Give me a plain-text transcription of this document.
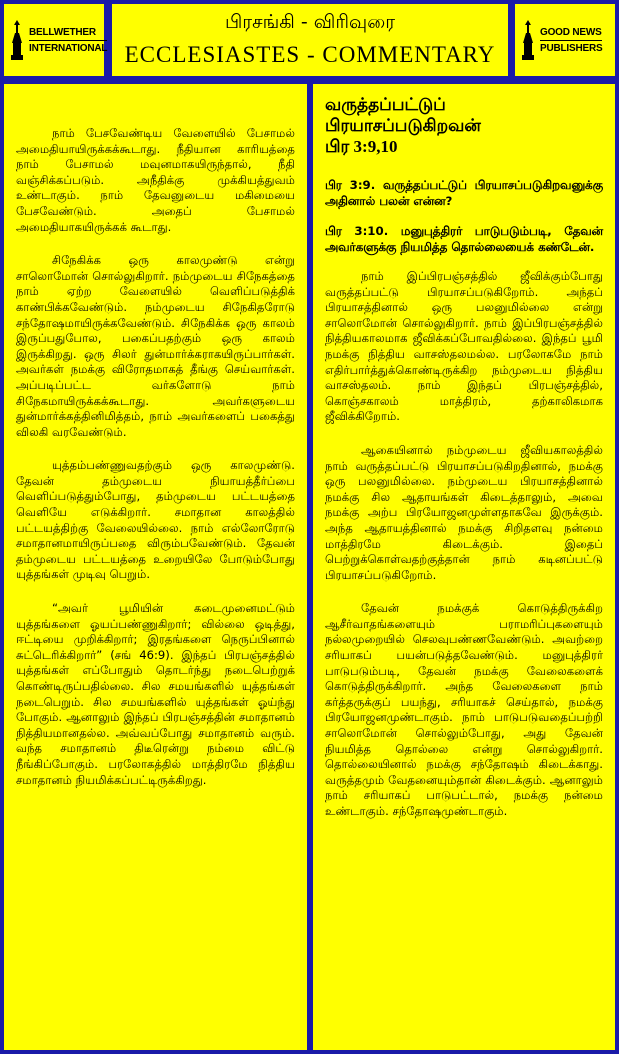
BELLWETHER
INTERNATIONAL
பிரசங்கி - விரிவுரை
ECCLESIASTES - COMMENTARY
GOOD NEWS
PUBLISHERS

நாம் பேசவேண்டிய வேளையில் பேசாமல் அமைதியாயிருக்கக்கூடாது. நீதியான காரியத்தை நாம் பேசாமல் மவுனமாகயிருந்தால், நீதி வஞ்சிக்கப்படும். அநீதிக்கு முக்கியத்துவம் உண்டாகும். நாம் தேவனுடைய மகிமையை பேசவேண்டும். அதைப் பேசாமல் அமைதியாகயிருக்கக் கூடாது.

சிநேகிக்க ஒரு காலமுண்டு என்று சாலொமோன் சொல்லுகிறார். நம்முடைய சிநேகத்தை நாம் ஏற்ற வேளையில் வெளிப்படுத்திக் காண்பிக்கவேண்டும். நம்முடைய சிநேகிதரோடு சந்தோஷமாயிருக்கவேண்டும். சிநேகிக்க ஒரு காலம் இருப்பதுபோல, பகைப்பதற்கும் ஒரு காலம் இருக்கிறது. ஒரு சிலர் துன்மார்க்கராகயிருப்பார்கள். அவர்கள் நமக்கு விரோதமாகத் தீங்கு செய்வார்கள். அப்படிப்பட்ட வர்களோடு நாம் சிநேகமாயிருக்கக்கூடாது. அவர்களுடைய துன்மார்க்கத்தினிமித்தம், நாம் அவர்களைப் பகைத்து விலகி வரவேண்டும்.

யுத்தம்பண்ணுவதற்கும் ஒரு காலமுண்டு. தேவன் தம்முடைய நியாயத்தீர்ப்பை வெளிப்படுத்தும்போது, தம்முடைய பட்டயத்தை வெளியே எடுக்கிறார். சமாதான காலத்தில் பட்டயத்திற்கு வேலையில்லை. நாம் எல்லோரோடு சமாதானமாயிருப்பதை விரும்பவேண்டும். தேவன் தம்முடைய பட்டயத்தை உறையிலே போடும்போது யுத்தங்கள் முடிவு பெறும்.

“அவர் பூமியின் கடைமுனைமட்டும் யுத்தங்களை ஓயப்பண்ணுகிறார்; வில்லை ஒடித்து, ஈட்டியை முறிக்கிறார்; இரதங்களை நெருப்பினால் சுட்டெரிக்கிறார்” (சங் 46:9). இந்தப் பிரபஞ்சத்தில் யுத்தங்கள் எப்போதும் தொடர்ந்து நடைபெற்றுக் கொண்டிருப்பதில்லை. சில சமயங்களில் யுத்தங்கள் நடைபெறும். சில சமயங்களில் யுத்தங்கள் ஓய்ந்து போகும். ஆனாலும் இந்தப் பிரபஞ்சத்தின் சமாதானம் நித்தியமானதல்ல. அவ்வப்போது சமாதானம் வரும். வந்த சமாதானம் திடீரென்று நம்மை விட்டு நீங்கிப்போகும். பரலோகத்தில் மாத்திரமே நித்திய சமாதானம் நியமிக்கப்பட்டிருக்கிறது.

வருத்தப்பட்டுப்
பிரயாசப்படுகிறவன்
பிர 3:9,10
பிர 3:9. வருத்தப்பட்டுப் பிரயாசப்படுகிறவனுக்கு அதினால் பலன் என்ன?
பிர 3:10. மனுபுத்திரர் பாடுபடும்படி, தேவன் அவர்களுக்கு நியமித்த தொல்லையைக் கண்டேன்.

நாம் இப்பிரபஞ்சத்தில் ஜீவிக்கும்போது வருத்தப்பட்டு பிரயாசப்படுகிறோம். அந்தப் பிரயாசத்தினால் ஒரு பலனுமில்லை என்று சாலொமோன் சொல்லுகிறார். நாம் இப்பிரபஞ்சத்தில் நித்தியகாலமாக ஜீவிக்கப்போவதில்லை. இந்தப் பூமி நமக்கு நித்திய வாசஸ்தலமல்ல. பரலோகமே நாம் எதிர்பார்த்துக்கொண்டிருக்கிற நம்முடைய நித்திய வாசஸ்தலம். நாம் இந்தப் பிரபஞ்சத்தில், கொஞ்சகாலம் மாத்திரம், தற்காலிகமாக ஜீவிக்கிறோம்.

ஆகையினால் நம்முடைய ஜீவியகாலத்தில் நாம் வருத்தப்பட்டு பிரயாசப்படுகிறதினால், நமக்கு ஒரு பலனுமில்லை. நம்முடைய பிரயாசத்தினால் நமக்கு சில ஆதாயங்கள் கிடைத்தாலும், அவை நமக்கு அற்ப பிரயோஜனமுள்ளதாகவே இருக்கும். அந்த ஆதாயத்தினால் நமக்கு சிறிதளவு நன்மை மாத்திரமே கிடைக்கும். இதைப் பெற்றுக்கொள்வதற்குத்தான் நாம் கடினப்பட்டு பிரயாசப்படுகிறோம்.

தேவன் நமக்குக் கொடுத்திருக்கிற ஆசீர்வாதங்களையும் பராமரிப்புகளையும் நல்லமுறையில் செலவுபண்ணவேண்டும். அவற்றை சரியாகப் பயன்படுத்தவேண்டும். மனுபுத்திரர் பாடுபடும்படி, தேவன் நமக்கு வேலைகளைக் கொடுத்திருக்கிறார். அந்த வேலைகளை நாம் கர்த்தருக்குப் பயந்து, சரியாகச் செய்தால், நமக்கு பிரயோஜனமுண்டாகும். நாம் பாடுபடுவதைப்பற்றி சாலொமோன் சொல்லும்போது, அது தேவன் நியமித்த தொல்லை என்று சொல்லுகிறார். தொல்லையினால் நமக்கு சந்தோஷம் கிடைக்காது. வருத்தமும் வேதனையும்தான் கிடைக்கும். ஆனாலும் நாம் சரியாகப் பாடுபட்டால், நமக்கு நன்மை உண்டாகும். சந்தோஷமுண்டாகும்.
